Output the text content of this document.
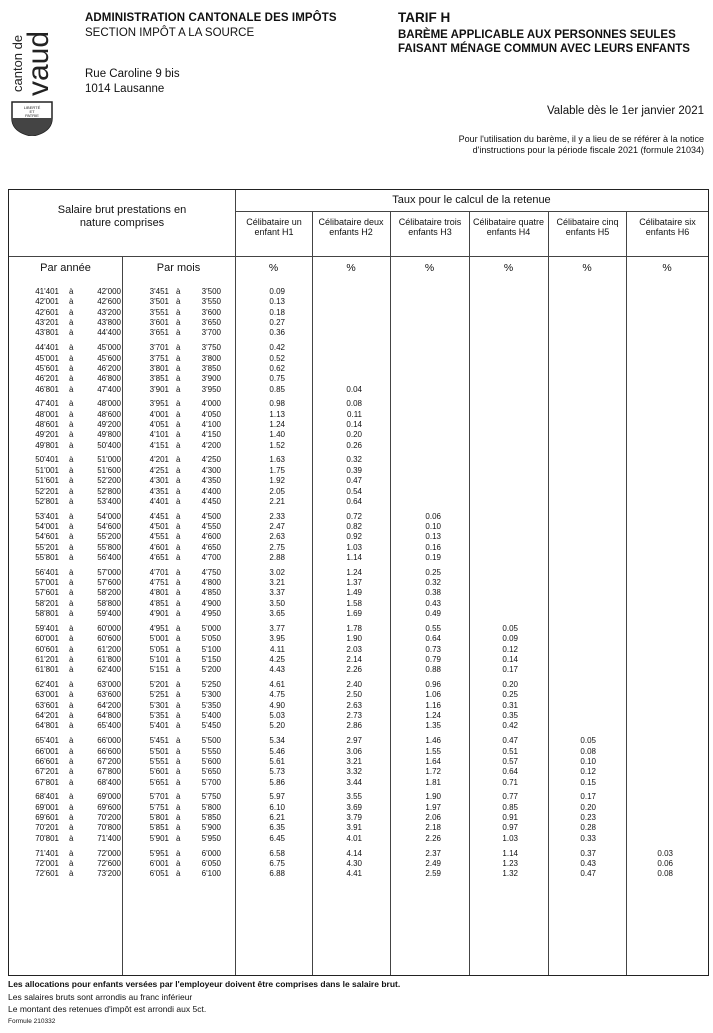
canton de
vaud
LIBERTÉ
ET
PATRIE
ADMINISTRATION CANTONALE DES IMPÔTS
SECTION IMPÔT A LA SOURCE
Rue Caroline 9 bis
1014 Lausanne
TARIF H
BARÈME APPLICABLE AUX PERSONNES SEULES FAISANT MÉNAGE COMMUN AVEC LEURS ENFANTS
Valable dès le 1er janvier 2021
Pour l'utilisation du barème, il y a lieu de se référer à la notice
d'instructions pour la période fiscale 2021 (formule 21034)
Salaire brut prestations en nature comprises
Taux pour le calcul de la retenue
Célibataire un enfant H1
Célibataire deux enfants H2
Célibataire trois enfants H3
Célibataire quatre enfants H4
Célibataire cinq enfants H5
Célibataire six enfants H6
Par année	Par mois	%	%	%	%	%	%
41'401 à	42'000	3'451 à	3'500	0.09
42'001 à	42'600	3'501 à	3'550	0.13
42'601 à	43'200	3'551 à	3'600	0.18
43'201 à	43'800	3'601 à	3'650	0.27
43'801 à	44'400	3'651 à	3'700	0.36
44'401 à	45'000	3'701 à	3'750	0.42
45'001 à	45'600	3'751 à	3'800	0.52
45'601 à	46'200	3'801 à	3'850	0.62
46'201 à	46'800	3'851 à	3'900	0.75
46'801 à	47'400	3'901 à	3'950	0.85	0.04
47'401 à	48'000	3'951 à	4'000	0.98	0.08
48'001 à	48'600	4'001 à	4'050	1.13	0.11
48'601 à	49'200	4'051 à	4'100	1.24	0.14
49'201 à	49'800	4'101 à	4'150	1.40	0.20
49'801 à	50'400	4'151 à	4'200	1.52	0.26
50'401 à	51'000	4'201 à	4'250	1.63	0.32
51'001 à	51'600	4'251 à	4'300	1.75	0.39
51'601 à	52'200	4'301 à	4'350	1.92	0.47
52'201 à	52'800	4'351 à	4'400	2.05	0.54
52'801 à	53'400	4'401 à	4'450	2.21	0.64
53'401 à	54'000	4'451 à	4'500	2.33	0.72	0.06
54'001 à	54'600	4'501 à	4'550	2.47	0.82	0.10
54'601 à	55'200	4'551 à	4'600	2.63	0.92	0.13
55'201 à	55'800	4'601 à	4'650	2.75	1.03	0.16
55'801 à	56'400	4'651 à	4'700	2.88	1.14	0.19
56'401 à	57'000	4'701 à	4'750	3.02	1.24	0.25
57'001 à	57'600	4'751 à	4'800	3.21	1.37	0.32
57'601 à	58'200	4'801 à	4'850	3.37	1.49	0.38
58'201 à	58'800	4'851 à	4'900	3.50	1.58	0.43
58'801 à	59'400	4'901 à	4'950	3.65	1.69	0.49
59'401 à	60'000	4'951 à	5'000	3.77	1.78	0.55	0.05
60'001 à	60'600	5'001 à	5'050	3.95	1.90	0.64	0.09
60'601 à	61'200	5'051 à	5'100	4.11	2.03	0.73	0.12
61'201 à	61'800	5'101 à	5'150	4.25	2.14	0.79	0.14
61'801 à	62'400	5'151 à	5'200	4.43	2.26	0.88	0.17
62'401 à	63'000	5'201 à	5'250	4.61	2.40	0.96	0.20
63'001 à	63'600	5'251 à	5'300	4.75	2.50	1.06	0.25
63'601 à	64'200	5'301 à	5'350	4.90	2.63	1.16	0.31
64'201 à	64'800	5'351 à	5'400	5.03	2.73	1.24	0.35
64'801 à	65'400	5'401 à	5'450	5.20	2.86	1.35	0.42
65'401 à	66'000	5'451 à	5'500	5.34	2.97	1.46	0.47	0.05
66'001 à	66'600	5'501 à	5'550	5.46	3.06	1.55	0.51	0.08
66'601 à	67'200	5'551 à	5'600	5.61	3.21	1.64	0.57	0.10
67'201 à	67'800	5'601 à	5'650	5.73	3.32	1.72	0.64	0.12
67'801 à	68'400	5'651 à	5'700	5.86	3.44	1.81	0.71	0.15
68'401 à	69'000	5'701 à	5'750	5.97	3.55	1.90	0.77	0.17
69'001 à	69'600	5'751 à	5'800	6.10	3.69	1.97	0.85	0.20
69'601 à	70'200	5'801 à	5'850	6.21	3.79	2.06	0.91	0.23
70'201 à	70'800	5'851 à	5'900	6.35	3.91	2.18	0.97	0.28
70'801 à	71'400	5'901 à	5'950	6.45	4.01	2.26	1.03	0.33
71'401 à	72'000	5'951 à	6'000	6.58	4.14	2.37	1.14	0.37	0.03
72'001 à	72'600	6'001 à	6'050	6.75	4.30	2.49	1.23	0.43	0.06
72'601 à	73'200	6'051 à	6'100	6.88	4.41	2.59	1.32	0.47	0.08
Les allocations pour enfants versées par l'employeur doivent être comprises dans le salaire brut.
Les salaires bruts sont arrondis au franc inférieur
Le montant des retenues d'impôt est arrondi aux 5ct.
Formule 210332
